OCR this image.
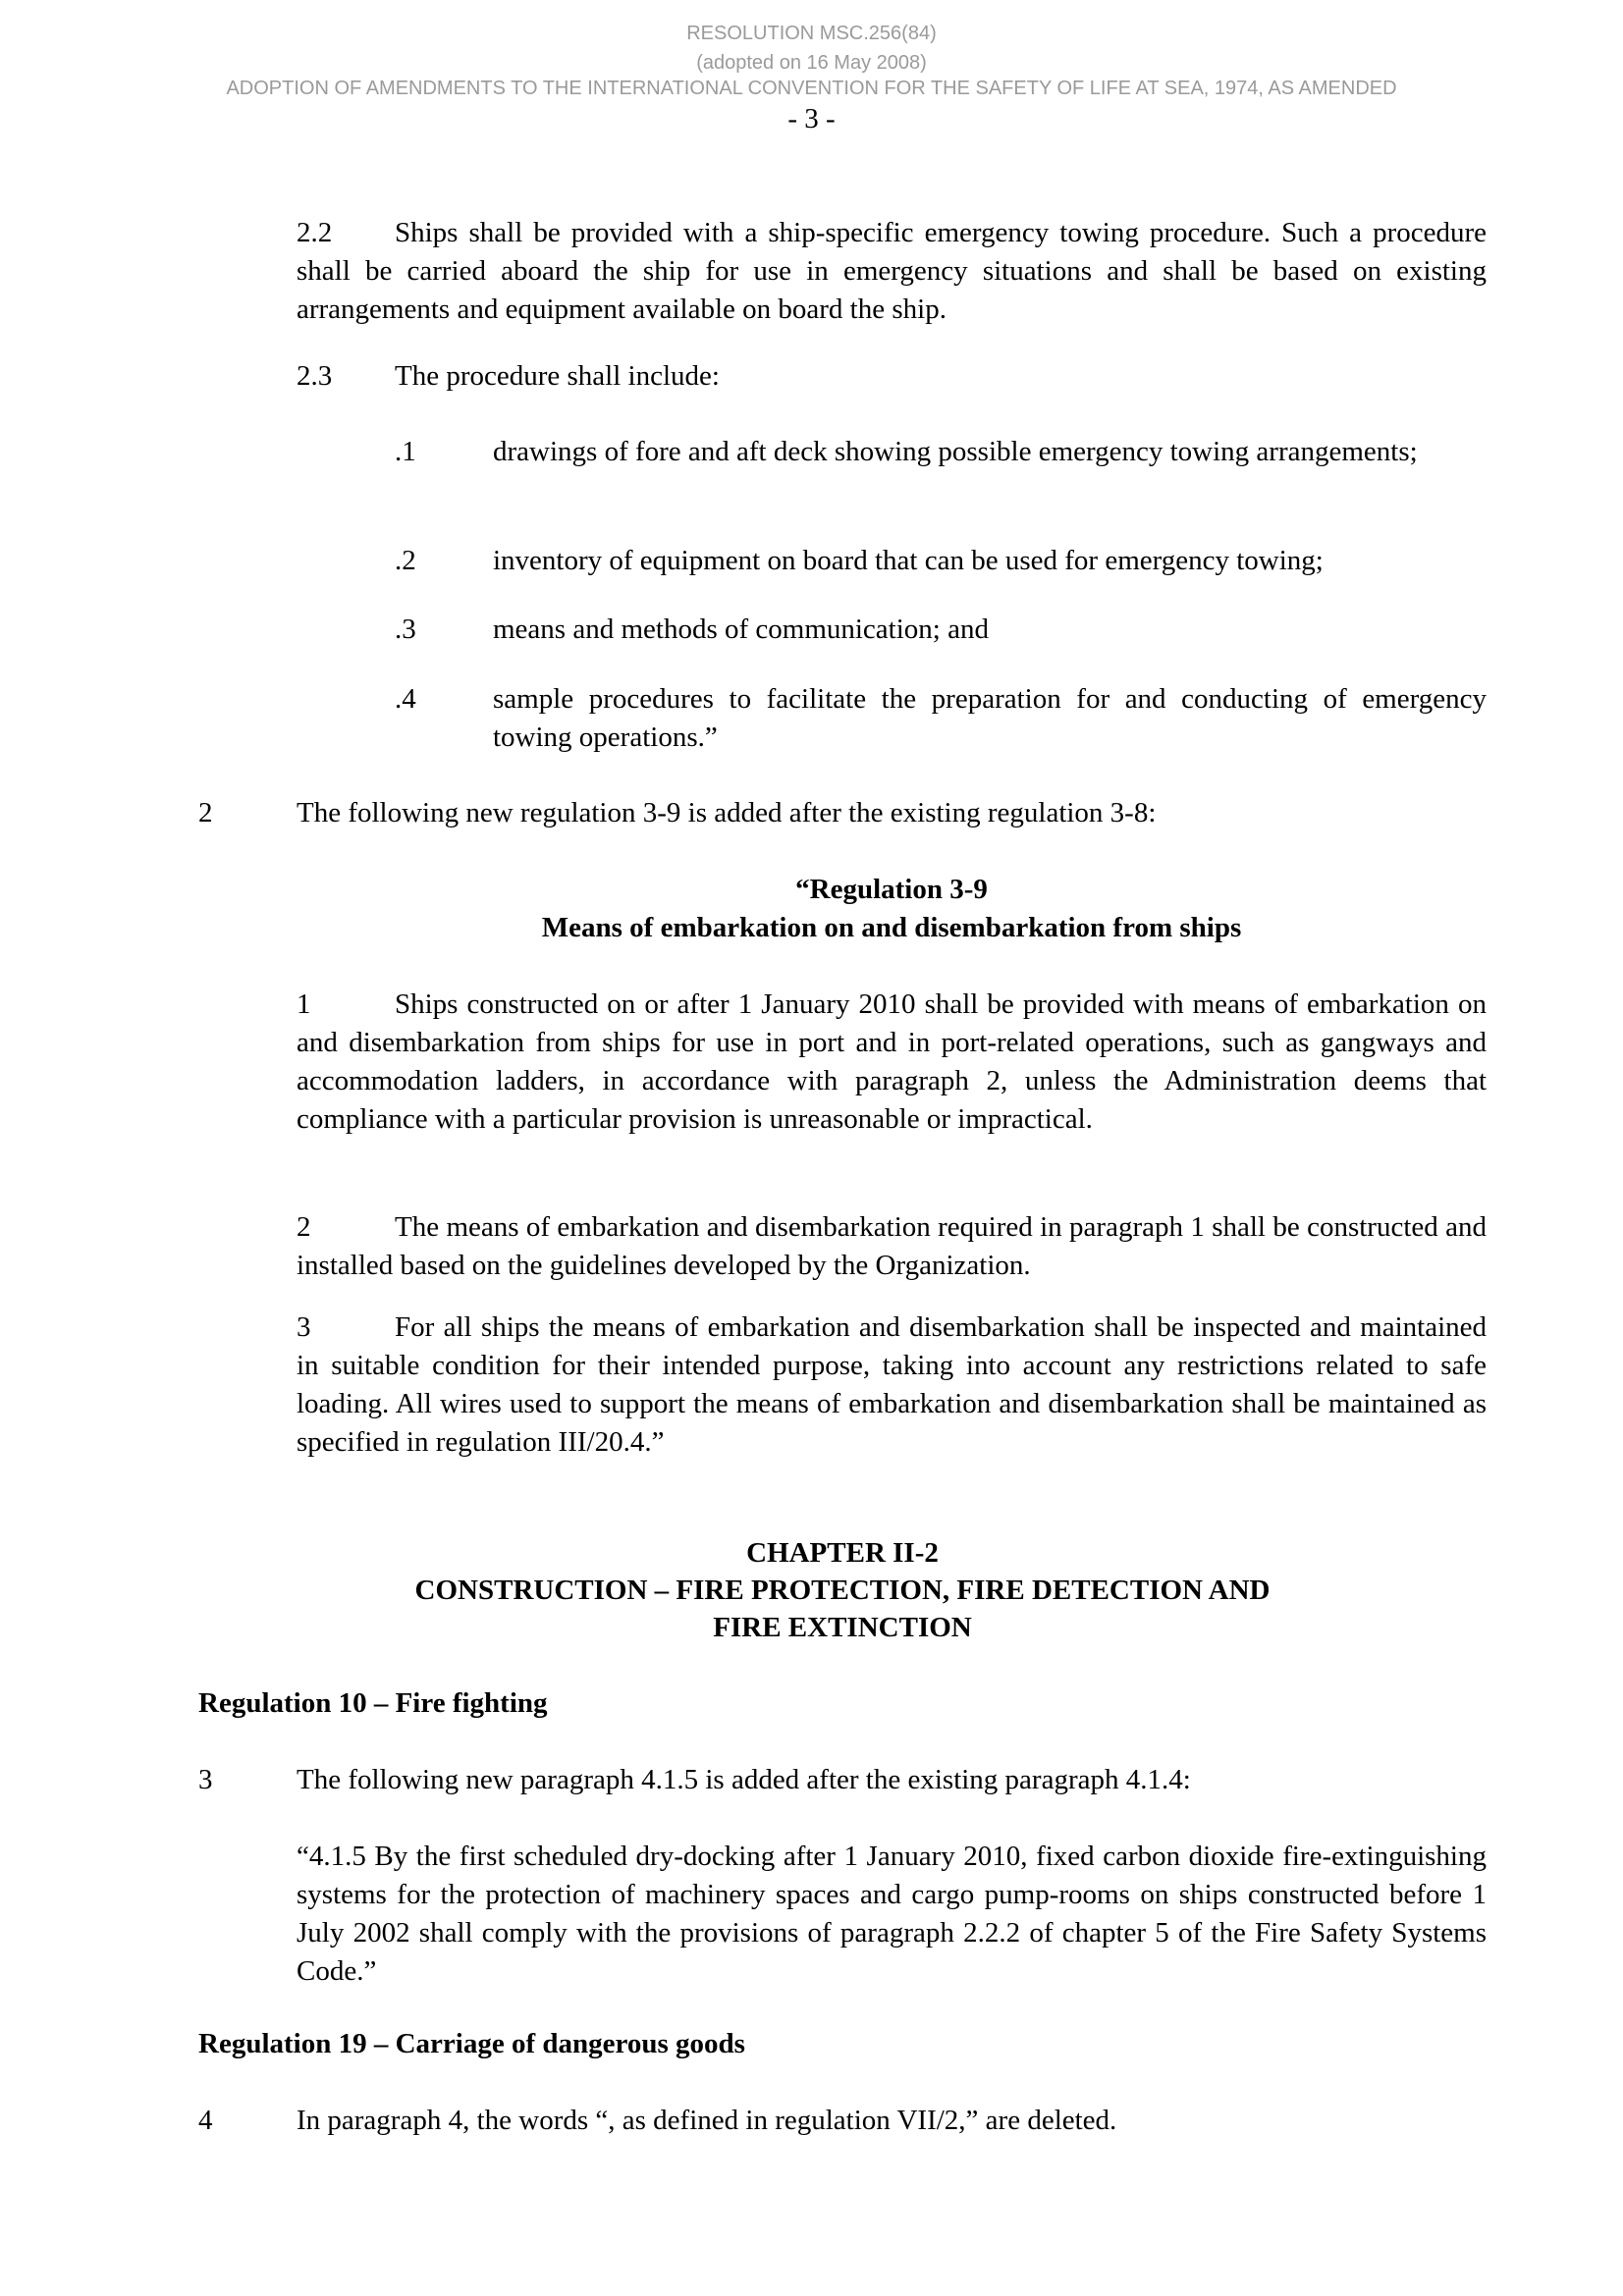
RESOLUTION MSC.256(84)
(adopted on 16 May 2008)
ADOPTION OF AMENDMENTS TO THE INTERNATIONAL CONVENTION FOR THE SAFETY OF LIFE AT SEA, 1974, AS AMENDED
- 3 -
2.2 Ships shall be provided with a ship-specific emergency towing procedure. Such a procedure shall be carried aboard the ship for use in emergency situations and shall be based on existing arrangements and equipment available on board the ship.
2.3 The procedure shall include:
.1	drawings of fore and aft deck showing possible emergency towing arrangements;
.2	inventory of equipment on board that can be used for emergency towing;
.3	means and methods of communication; and
.4	sample procedures to facilitate the preparation for and conducting of emergency towing operations.”
2	The following new regulation 3-9 is added after the existing regulation 3-8:
“Regulation 3-9
Means of embarkation on and disembarkation from ships
1	Ships constructed on or after 1 January 2010 shall be provided with means of embarkation on and disembarkation from ships for use in port and in port-related operations, such as gangways and accommodation ladders, in accordance with paragraph 2, unless the Administration deems that compliance with a particular provision is unreasonable or impractical.
2	The means of embarkation and disembarkation required in paragraph 1 shall be constructed and installed based on the guidelines developed by the Organization.
3	For all ships the means of embarkation and disembarkation shall be inspected and maintained in suitable condition for their intended purpose, taking into account any restrictions related to safe loading. All wires used to support the means of embarkation and disembarkation shall be maintained as specified in regulation III/20.4.”
CHAPTER II-2
CONSTRUCTION – FIRE PROTECTION, FIRE DETECTION AND
FIRE EXTINCTION
Regulation 10 – Fire fighting
3	The following new paragraph 4.1.5 is added after the existing paragraph 4.1.4:
“4.1.5 By the first scheduled dry-docking after 1 January 2010, fixed carbon dioxide fire-extinguishing systems for the protection of machinery spaces and cargo pump-rooms on ships constructed before 1 July 2002 shall comply with the provisions of paragraph 2.2.2 of chapter 5 of the Fire Safety Systems Code.”
Regulation 19 – Carriage of dangerous goods
4	In paragraph 4, the words “, as defined in regulation VII/2,” are deleted.
